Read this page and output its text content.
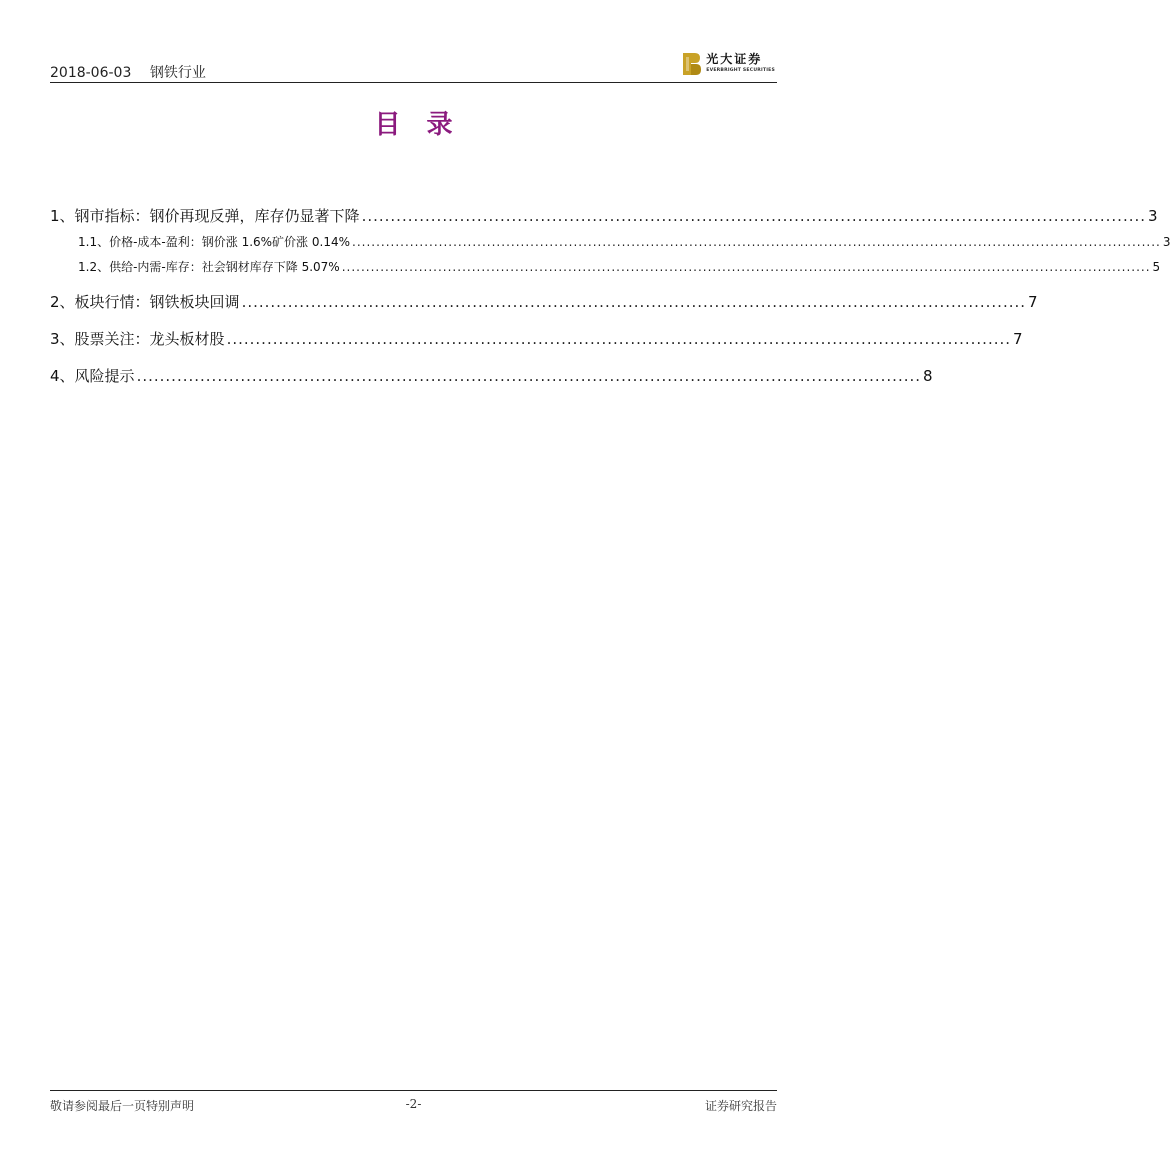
2018-06-03 钢铁行业
光大证券
EVERBRIGHT SECURITIES
目录
1、 钢市指标：钢价再现反弹，库存仍显著下降 ........................................................................................................................................ 3
1.1、 价格-成本-盈利：钢价涨 1.6%矿价涨 0.14% ........................................................................................................................................................................ 3
1.2、 供给-内需-库存：社会钢材库存下降 5.07% ........................................................................................................................................................................ 5
2、 板块行情：钢铁板块回调 ........................................................................................................................................ 7
3、 股票关注：龙头板材股 ........................................................................................................................................ 7
4、 风险提示 ........................................................................................................................................ 8
敬请参阅最后一页特别声明	-2-	证券研究报告
